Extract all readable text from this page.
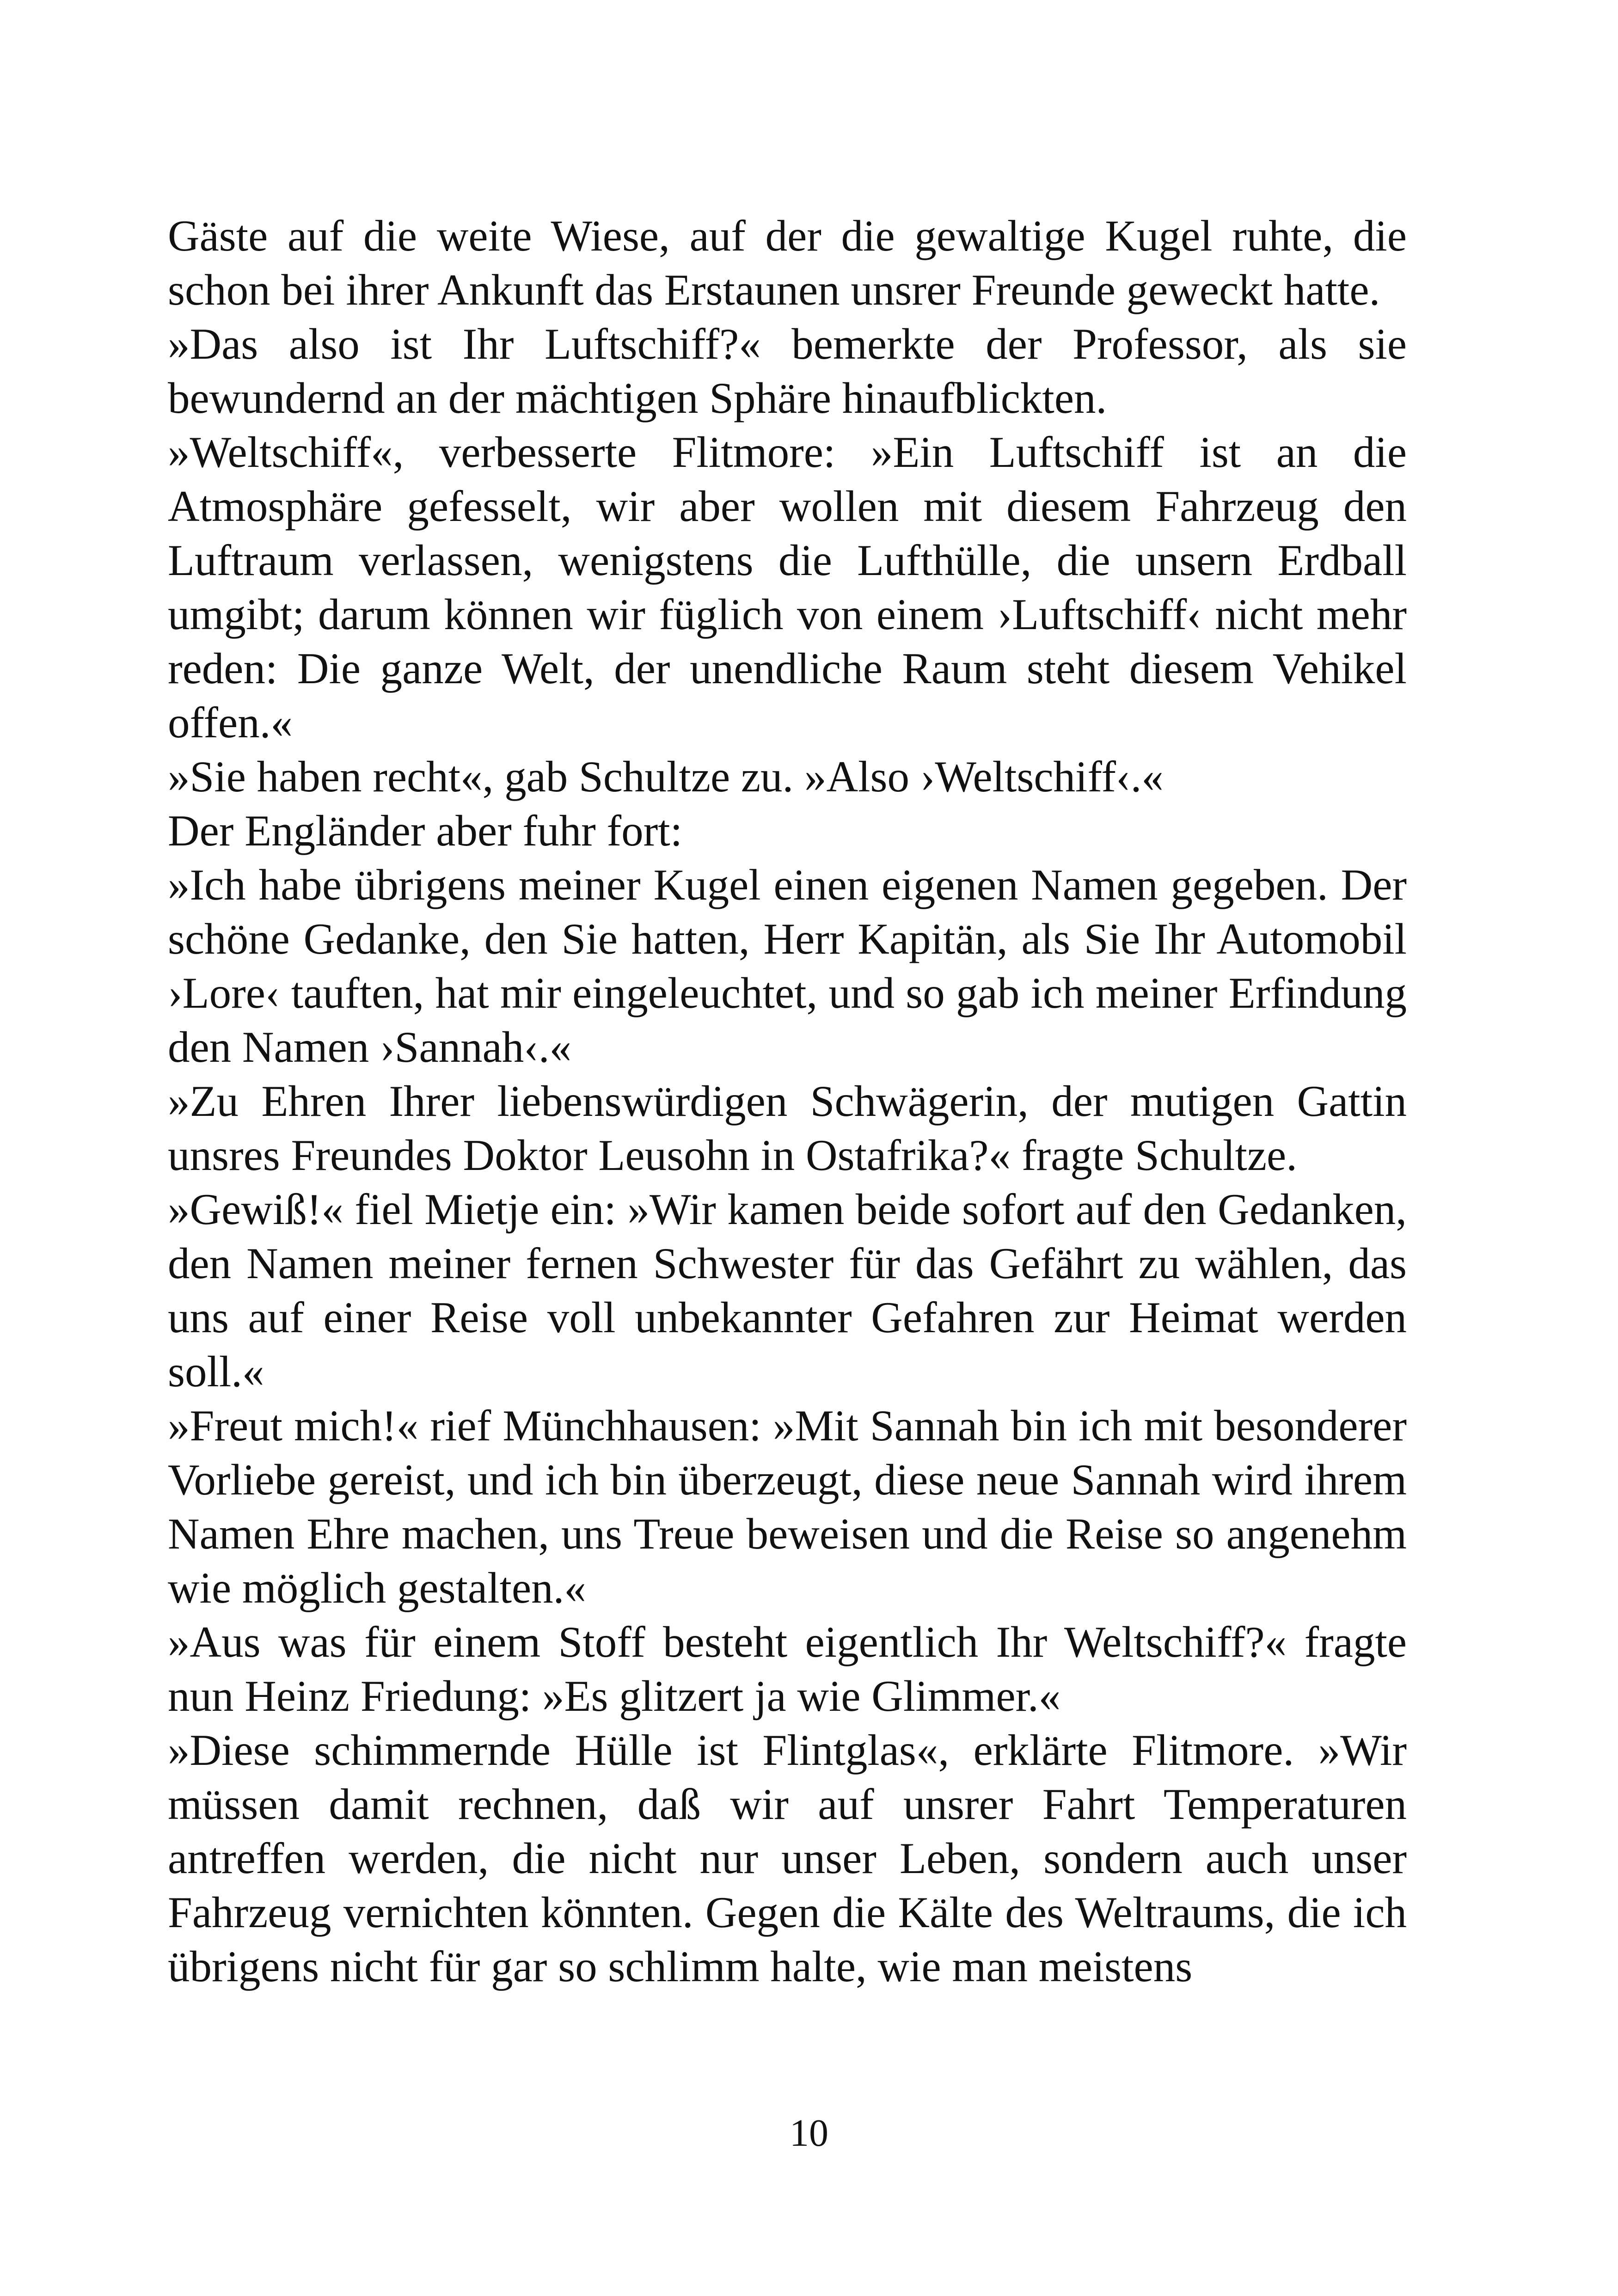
Gäste auf die weite Wiese, auf der die gewaltige Kugel ruhte, die schon bei ihrer Ankunft das Erstaunen unsrer Freunde geweckt hatte.

»Das also ist Ihr Luftschiff?« bemerkte der Professor, als sie bewundernd an der mächtigen Sphäre hinaufblickten.

»Weltschiff«, verbesserte Flitmore: »Ein Luftschiff ist an die Atmosphäre gefesselt, wir aber wollen mit diesem Fahrzeug den Luftraum verlassen, wenigstens die Lufthülle, die unsern Erdball umgibt; darum können wir füglich von einem ›Luftschiff‹ nicht mehr reden: Die ganze Welt, der unendliche Raum steht diesem Vehikel offen.«

»Sie haben recht«, gab Schultze zu. »Also ›Weltschiff‹.«

Der Engländer aber fuhr fort:

»Ich habe übrigens meiner Kugel einen eigenen Namen gegeben. Der schöne Gedanke, den Sie hatten, Herr Kapitän, als Sie Ihr Automobil ›Lore‹ tauften, hat mir eingeleuchtet, und so gab ich meiner Erfindung den Namen ›Sannah‹.«

»Zu Ehren Ihrer liebenswürdigen Schwägerin, der mutigen Gattin unsres Freundes Doktor Leusohn in Ostafrika?« fragte Schultze.

»Gewiß!« fiel Mietje ein: »Wir kamen beide sofort auf den Gedanken, den Namen meiner fernen Schwester für das Gefährt zu wählen, das uns auf einer Reise voll unbekannter Gefahren zur Heimat werden soll.«

»Freut mich!« rief Münchhausen: »Mit Sannah bin ich mit besonderer Vorliebe gereist, und ich bin überzeugt, diese neue Sannah wird ihrem Namen Ehre machen, uns Treue beweisen und die Reise so angenehm wie möglich gestalten.«

»Aus was für einem Stoff besteht eigentlich Ihr Weltschiff?« fragte nun Heinz Friedung: »Es glitzert ja wie Glimmer.«

»Diese schimmernde Hülle ist Flintglas«, erklärte Flitmore. »Wir müssen damit rechnen, daß wir auf unsrer Fahrt Temperaturen antreffen werden, die nicht nur unser Leben, sondern auch unser Fahrzeug vernichten könnten. Gegen die Kälte des Weltraums, die ich übrigens nicht für gar so schlimm halte, wie man meistens

10
